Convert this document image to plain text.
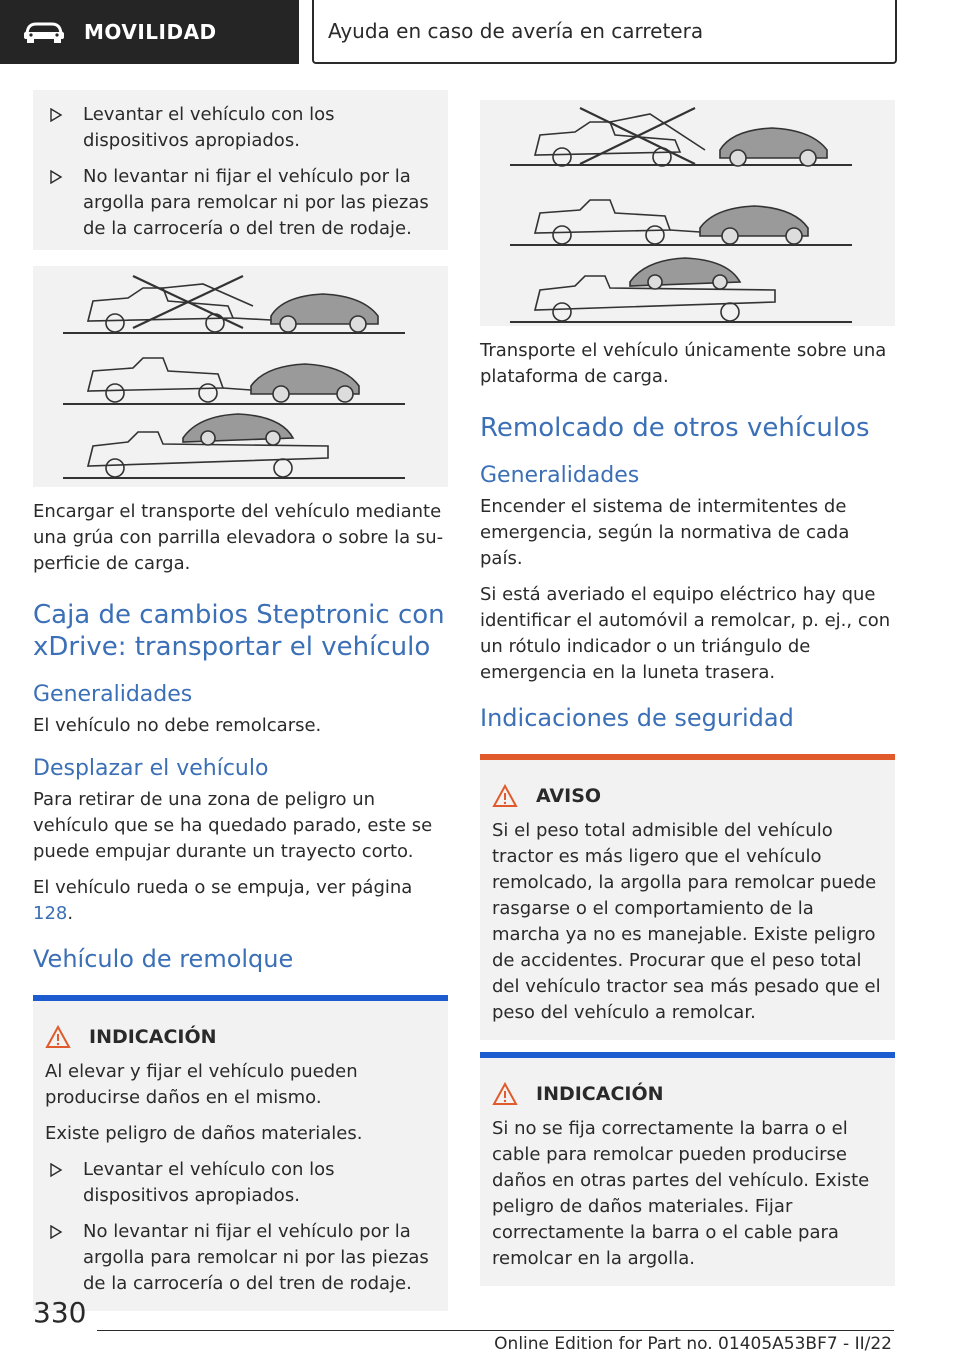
MOVILIDAD	Ayuda en caso de avería en carretera
Levantar el vehículo con los dispositivos apropiados.
No levantar ni fijar el vehículo por la argolla para remolcar ni por las piezas de la carrocería o del tren de rodaje.

Encargar el transporte del vehículo mediante una grúa con parrilla elevadora o sobre la superficie de carga.

Caja de cambios Steptronic con xDrive: transportar el vehículo
Generalidades

El vehículo no debe remolcarse.

Desplazar el vehículo

Para retirar de una zona de peligro un vehículo que se ha quedado parado, este se puede empujar durante un trayecto corto.

El vehículo rueda o se empuja, ver página 128.

Vehículo de remolque
INDICACIÓN

Al elevar y fijar el vehículo pueden producirse daños en el mismo.

Existe peligro de daños materiales.

Levantar el vehículo con los dispositivos apropiados.
No levantar ni fijar el vehículo por la argolla para remolcar ni por las piezas de la carrocería o del tren de rodaje.

Transporte el vehículo únicamente sobre una plataforma de carga.

Remolcado de otros vehículos
Generalidades

Encender el sistema de intermitentes de emergencia, según la normativa de cada país.

Si está averiado el equipo eléctrico hay que identificar el automóvil a remolcar, p. ej., con un rótulo indicador o un triángulo de emergencia en la luneta trasera.

Indicaciones de seguridad
AVISO

Si el peso total admisible del vehículo tractor es más ligero que el vehículo remolcado, la argolla para remolcar puede rasgarse o el comportamiento de la marcha ya no es manejable. Existe peligro de accidentes. Procurar que el peso total del vehículo tractor sea más pesado que el peso del vehículo a remolcar.

INDICACIÓN

Si no se fija correctamente la barra o el cable para remolcar pueden producirse daños en otras partes del vehículo. Existe peligro de daños materiales. Fijar correctamente la barra o el cable para remolcar en la argolla.

330
Online Edition for Part no. 01405A53BF7 - II/22
